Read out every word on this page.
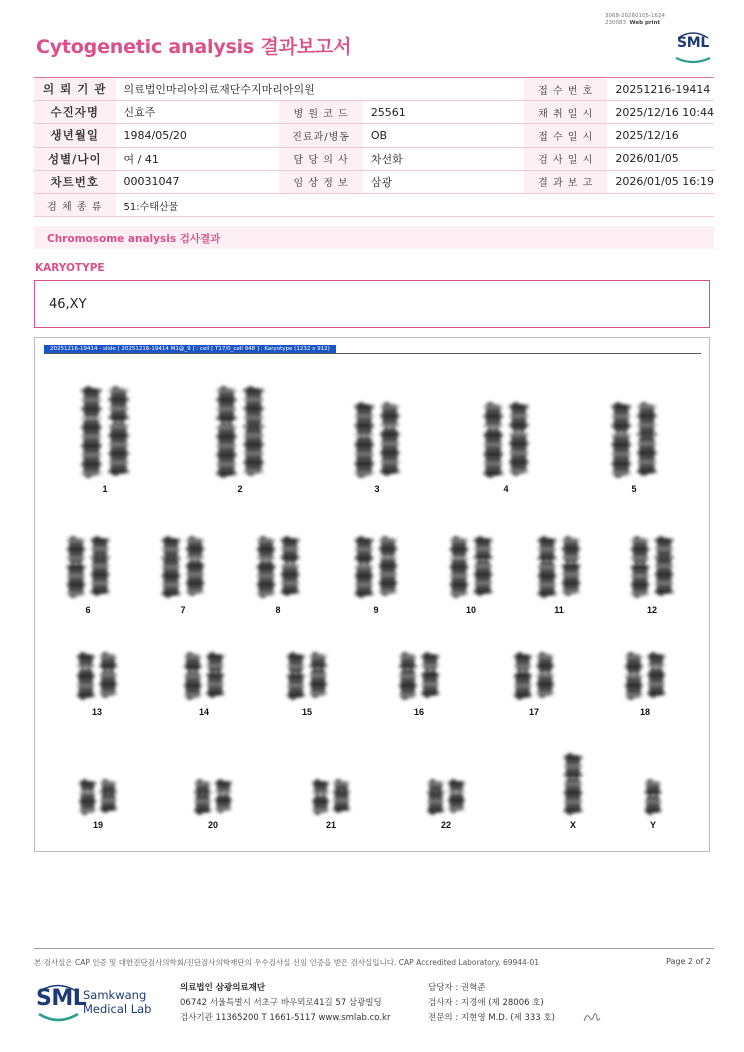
3068-20260105-1624
230083 Web print
Cytogenetic analysis 결과보고서	SML
의 뢰 기 관	의료법인마리아의료재단수지마리아의원			접 수 번 호	20251216-19414
수진자명	신효주	병 원 코 드	25561	채 취 일 시	2025/12/16 10:44
생년월일	1984/05/20	진료과/병동	OB	접 수 일 시	2025/12/16
성별/나이	여 / 41	담 당 의 사	차선화	검 사 일 시	2026/01/05
차트번호	00031047	임 상 정 보	삼광	결 과 보 고	2026/01/05 16:19
검 체 종 류	51:수태산물				
Chromosome analysis 검사결과
KARYOTYPE
46,XY
20251216-19414 - slide [ 20251216-19414 M1@_9 ] : cell [ T17/0_cell 948 ] : Karyotype (1232 x 912)
1	2	3	4	5
6	7	8	9	10	11	12
13	14	15	16	17	18
19	20	21	22	X	Y
본 검사실은 CAP 인증 및 대한진단검사의학회/진단검사의학재단의 우수검사실 신임 인증을 받은 검사실입니다. CAP Accredited Laboratory. 69944-01	Page 2 of 2
SML
Samkwang
Medical Lab
의료법인 삼광의료재단
06742 서울특별시 서초구 바우뫼로41길 57 삼광빌딩
검사기관 11365200 T 1661-5117 www.smlab.co.kr
담당자 : 권혁준
검사자 : 지경애 (제 28006 호)
전문의 : 지현영 M.D. (제 333 호)
